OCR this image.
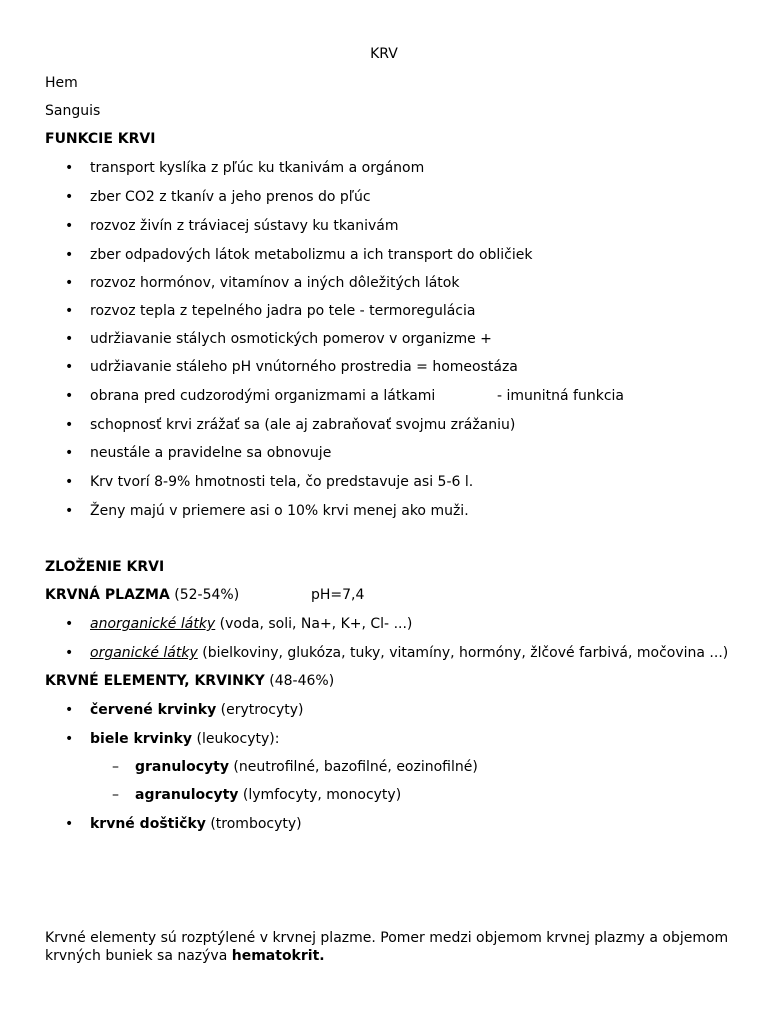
KRV
Hem
Sanguis
FUNKCIE KRVI
• transport kyslíka z pľúc ku tkanivám a orgánom
• zber CO2 z tkanív a jeho prenos do pľúc
• rozvoz živín z tráviacej sústavy ku tkanivám
• zber odpadových látok metabolizmu a ich transport do obličiek
• rozvoz hormónov, vitamínov a iných dôležitých látok
• rozvoz tepla z tepelného jadra po tele - termoregulácia
• udržiavanie stálych osmotických pomerov v organizme +
• udržiavanie stáleho pH vnútorného prostredia = homeostáza
• obrana pred cudzorodými organizmami a látkami	- imunitná funkcia
• schopnosť krvi zrážať sa (ale aj zabraňovať svojmu zrážaniu)
• neustále a pravidelne sa obnovuje
• Krv tvorí 8-9% hmotnosti tela, čo predstavuje asi 5-6 l.
• Ženy majú v priemere asi o 10% krvi menej ako muži.
ZLOŽENIE KRVI
KRVNÁ PLAZMA (52-54%)	pH=7,4
• anorganické látky (voda, soli, Na+, K+, Cl- ...)
• organické látky (bielkoviny, glukóza, tuky, vitamíny, hormóny, žlčové farbivá, močovina ...)
KRVNÉ ELEMENTY, KRVINKY (48-46%)
• červené krvinky (erytrocyty)
• biele krvinky (leukocyty):
– granulocyty (neutrofilné, bazofilné, eozinofilné)
– agranulocyty (lymfocyty, monocyty)
• krvné doštičky (trombocyty)
Krvné elementy sú rozptýlené v krvnej plazme. Pomer medzi objemom krvnej plazmy a objemom krvných buniek sa nazýva hematokrit.
